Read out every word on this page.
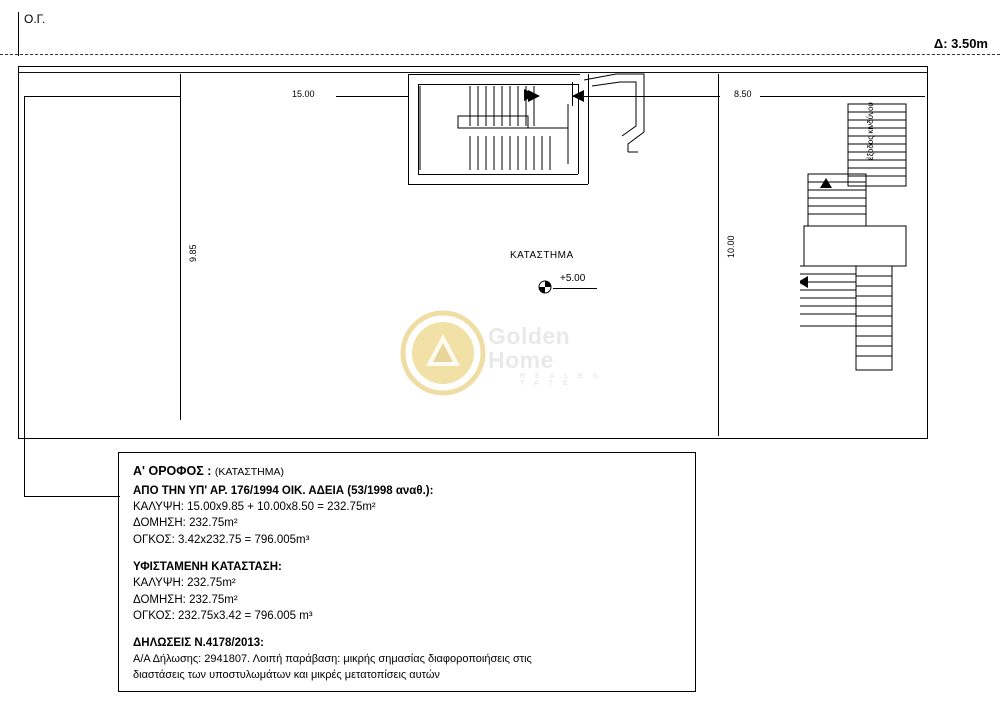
Ο.Γ.
Δ: 3.50m
15.00	8.50
9.85	10.00
έξοδος κινδύνου
ΚΑΤΑΣΤΗΜΑ
+5.00
Golden
Home
R E A L E S T A T E
Α' ΟΡΟΦΟΣ : (ΚΑΤΑΣΤΗΜΑ)
ΑΠΟ ΤΗΝ ΥΠ' ΑΡ. 176/1994 ΟΙΚ. ΑΔΕΙΑ (53/1998 αναθ.):
ΚΑΛΥΨΗ: 15.00x9.85 + 10.00x8.50 = 232.75m²
ΔΟΜΗΣΗ: 232.75m²
ΟΓΚΟΣ: 3.42x232.75 = 796.005m³
ΥΦΙΣΤΑΜΕΝΗ ΚΑΤΑΣΤΑΣΗ:
ΚΑΛΥΨΗ: 232.75m²
ΔΟΜΗΣΗ: 232.75m²
ΟΓΚΟΣ: 232.75x3.42 = 796.005 m³
ΔΗΛΩΣΕΙΣ Ν.4178/2013:
Α/Α Δήλωσης: 2941807. Λοιπή παράβαση: μικρής σημασίας διαφοροποιήσεις στις
διαστάσεις των υποστυλωμάτων και μικρές μετατοπίσεις αυτών
